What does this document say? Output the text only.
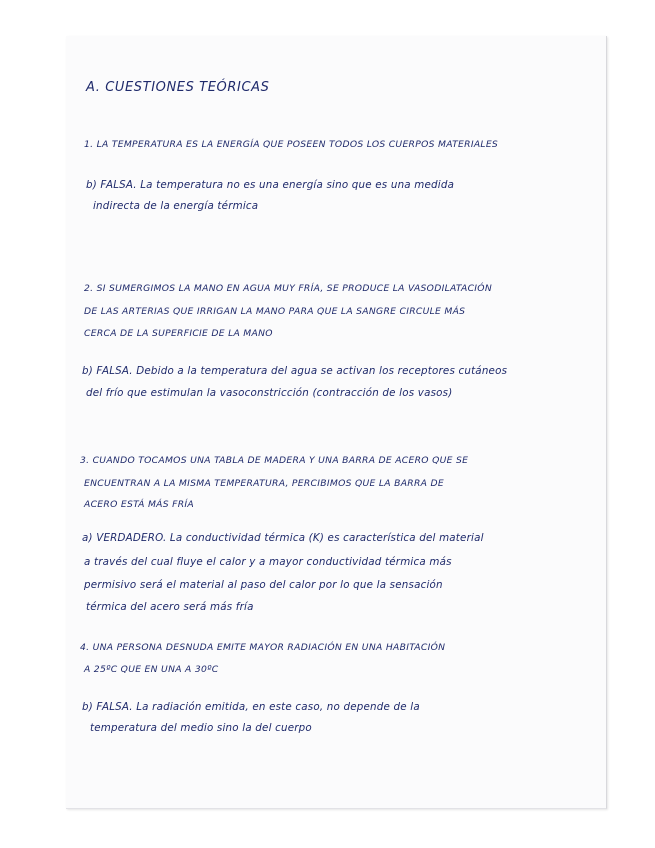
A. CUESTIONES TEÓRICAS
1. LA TEMPERATURA ES LA ENERGÍA QUE POSEEN TODOS LOS CUERPOS MATERIALES
b) FALSA. La temperatura no es una energía sino que es una medida
indirecta de la energía térmica
2. SI SUMERGIMOS LA MANO EN AGUA MUY FRÍA, SE PRODUCE LA VASODILATACIÓN
DE LAS ARTERIAS QUE IRRIGAN LA MANO PARA QUE LA SANGRE CIRCULE MÁS
CERCA DE LA SUPERFICIE DE LA MANO
b) FALSA. Debido a la temperatura del agua se activan los receptores cutáneos
del frío que estimulan la vasoconstricción (contracción de los vasos)
3. CUANDO TOCAMOS UNA TABLA DE MADERA Y UNA BARRA DE ACERO QUE SE
ENCUENTRAN A LA MISMA TEMPERATURA, PERCIBIMOS QUE LA BARRA DE
ACERO ESTÁ MÁS FRÍA
a) VERDADERO. La conductividad térmica (K) es característica del material
a través del cual fluye el calor y a mayor conductividad térmica más
permisivo será el material al paso del calor por lo que la sensación
térmica del acero será más fría
4. UNA PERSONA DESNUDA EMITE MAYOR RADIACIÓN EN UNA HABITACIÓN
A 25ºC QUE EN UNA A 30ºC
b) FALSA. La radiación emitida, en este caso, no depende de la
temperatura del medio sino la del cuerpo
